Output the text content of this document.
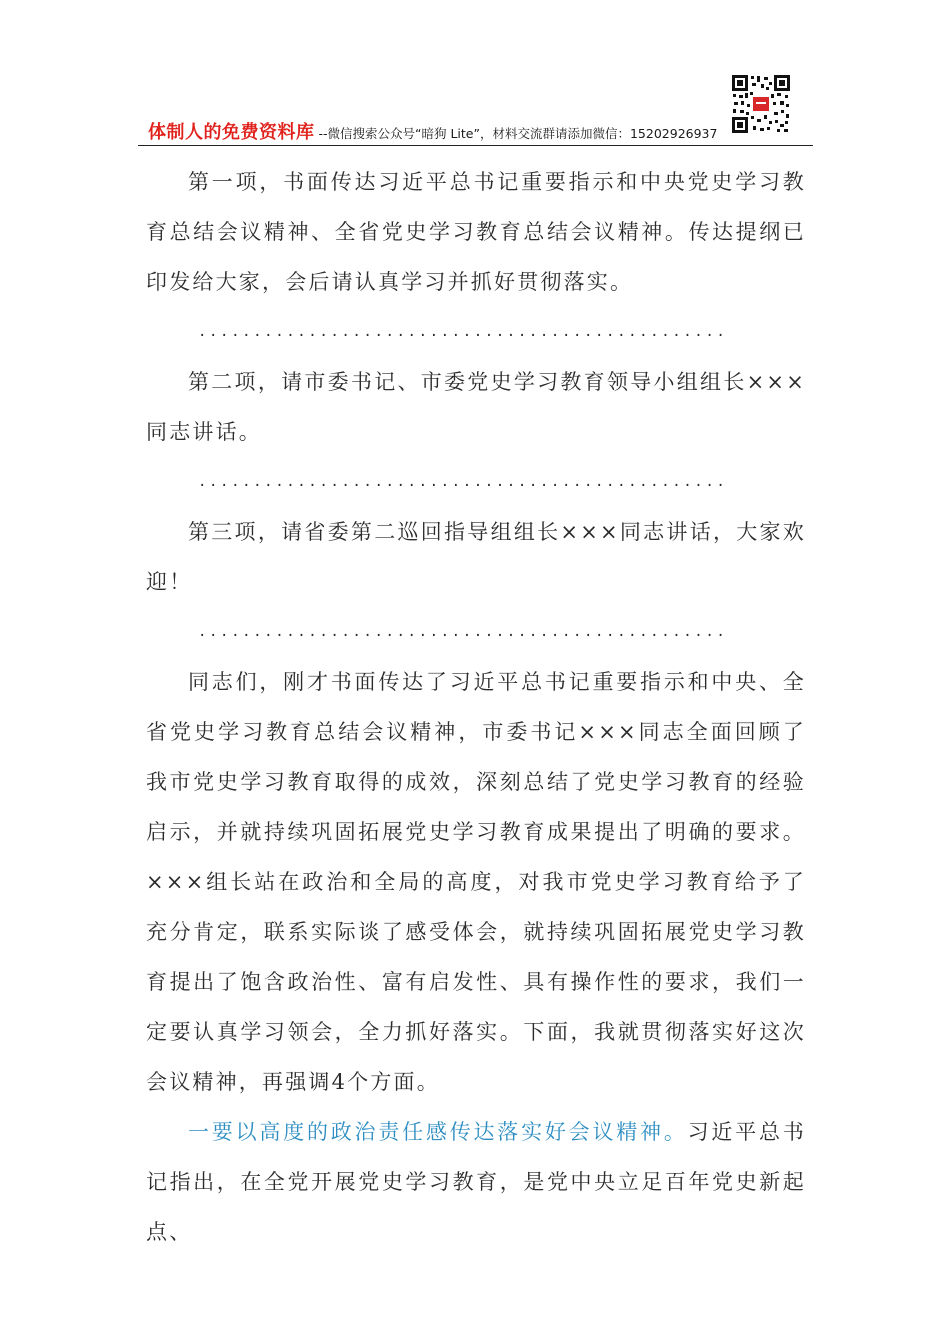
体制人的免费资料库 --微信搜索公众号“暗狗 Lite”，材料交流群请添加微信：15202926937

第一项，书面传达习近平总书记重要指示和中央党史学习教育总结会议精神、全省党史学习教育总结会议精神。传达提纲已印发给大家，会后请认真学习并抓好贯彻落实。

................................................

第二项，请市委书记、市委党史学习教育领导小组组长×××同志讲话。

................................................

第三项，请省委第二巡回指导组组长×××同志讲话，大家欢迎！

................................................

同志们，刚才书面传达了习近平总书记重要指示和中央、全省党史学习教育总结会议精神，市委书记×××同志全面回顾了我市党史学习教育取得的成效，深刻总结了党史学习教育的经验启示，并就持续巩固拓展党史学习教育成果提出了明确的要求。×××组长站在政治和全局的高度，对我市党史学习教育给予了充分肯定，联系实际谈了感受体会，就持续巩固拓展党史学习教育提出了饱含政治性、富有启发性、具有操作性的要求，我们一定要认真学习领会，全力抓好落实。下面，我就贯彻落实好这次会议精神，再强调4个方面。

一要以高度的政治责任感传达落实好会议精神。习近平总书记指出，在全党开展党史学习教育，是党中央立足百年党史新起点、
